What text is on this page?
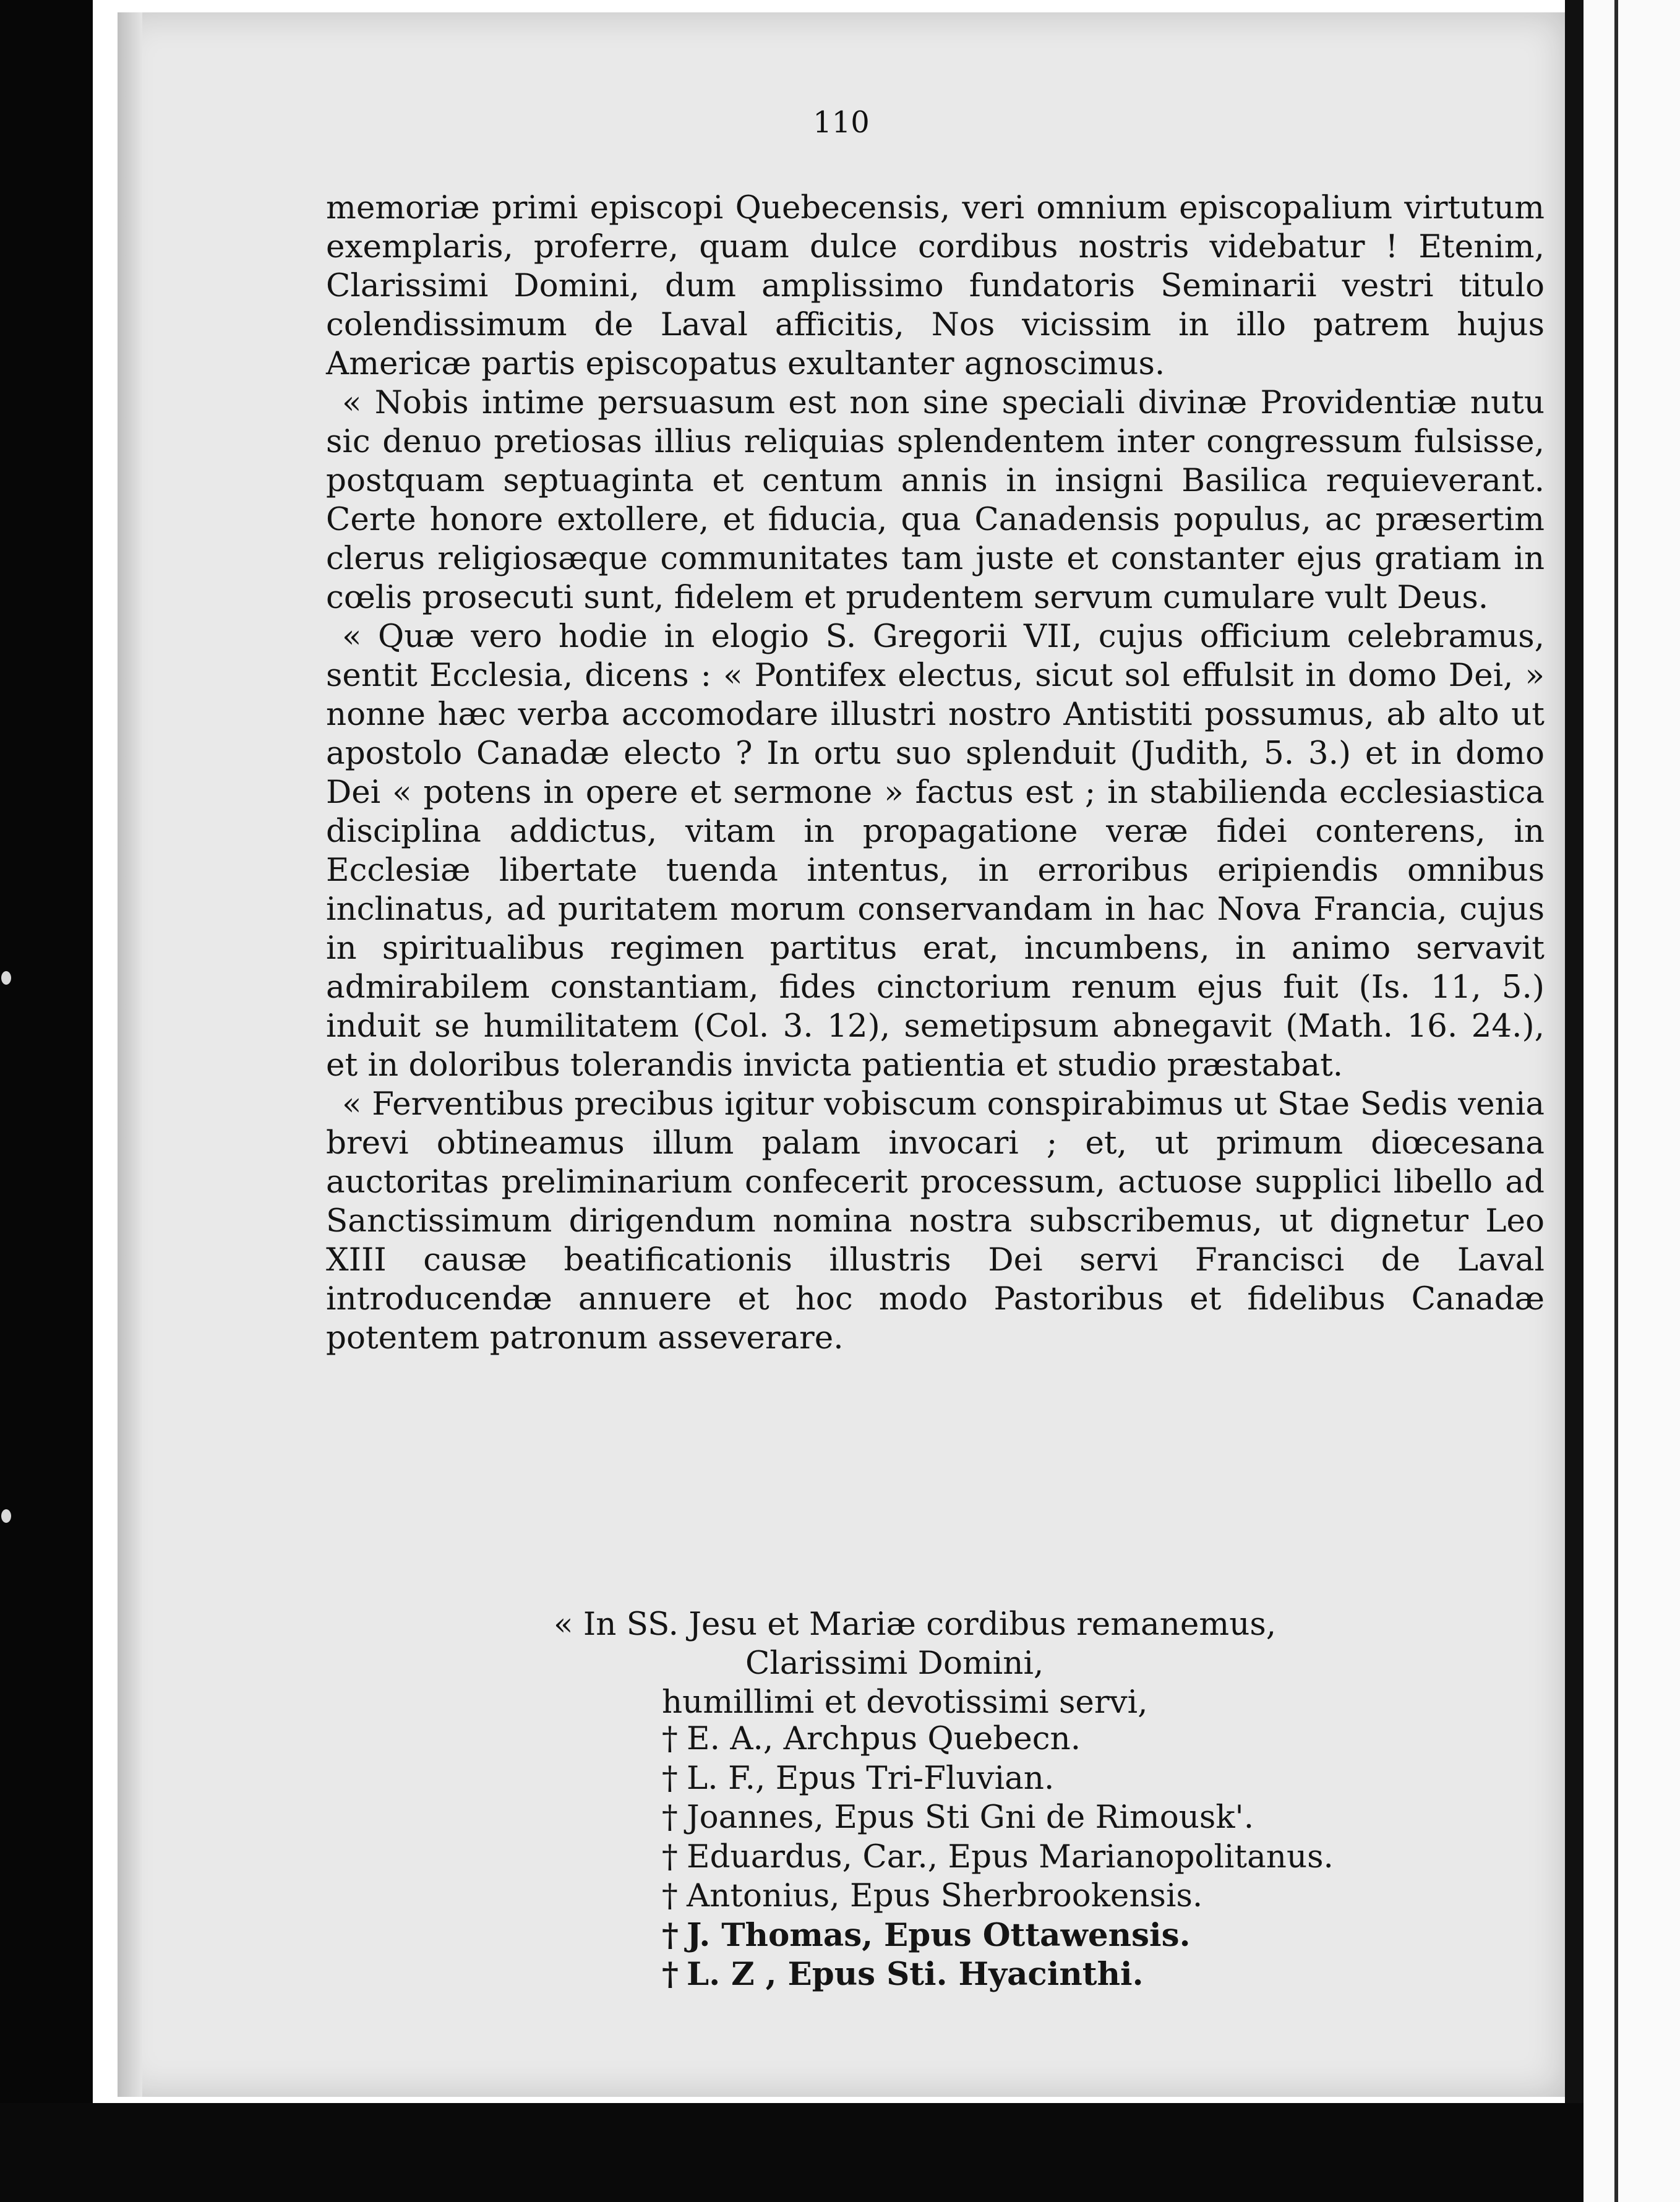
110

memoriæ primi episcopi Quebecensis, veri omnium episcopalium virtutum exemplaris, proferre, quam dulce cordibus nostris videbatur ! Etenim, Clarissimi Domini, dum amplissimo fundatoris Seminarii vestri titulo colendissimum de Laval afficitis, Nos vicissim in illo patrem hujus Americæ partis episcopatus exultanter agnoscimus.

« Nobis intime persuasum est non sine speciali divinæ Providentiæ nutu sic denuo pretiosas illius reliquias splendentem inter congressum fulsisse, postquam septuaginta et centum annis in insigni Basilica requieverant. Certe honore extollere, et fiducia, qua Canadensis populus, ac præsertim clerus religiosæque communitates tam juste et constanter ejus gratiam in cœlis prosecuti sunt, fidelem et prudentem servum cumulare vult Deus.

« Quæ vero hodie in elogio S. Gregorii VII, cujus officium celebramus, sentit Ecclesia, dicens : « Pontifex electus, sicut sol effulsit in domo Dei, » nonne hæc verba accomodare illustri nostro Antistiti possumus, ab alto ut apostolo Canadæ electo ? In ortu suo splenduit (Judith, 5. 3.) et in domo Dei « potens in opere et sermone » factus est ; in stabilienda ecclesiastica disciplina addictus, vitam in propagatione veræ fidei conterens, in Ecclesiæ libertate tuenda intentus, in erroribus eripiendis omnibus inclinatus, ad puritatem morum conservandam in hac Nova Francia, cujus in spiritualibus regimen partitus erat, incumbens, in animo servavit admirabilem constantiam, fides cinctorium renum ejus fuit (Is. 11, 5.) induit se humilitatem (Col. 3. 12), semetipsum abnegavit (Math. 16. 24.), et in doloribus tolerandis invicta patientia et studio præstabat.

« Ferventibus precibus igitur vobiscum conspirabimus ut Stae Sedis venia brevi obtineamus illum palam invocari ; et, ut primum diœcesana auctoritas preliminarium confecerit processum, actuose supplici libello ad Sanctissimum dirigendum nomina nostra subscribemus, ut dignetur Leo XIII causæ beatificationis illustris Dei servi Francisci de Laval introducendæ annuere et hoc modo Pastoribus et fidelibus Canadæ potentem patronum asseverare.

« In SS. Jesu et Mariæ cordibus remanemus,
Clarissimi Domini,
humillimi et devotissimi servi,
† E. A., Archpus Quebecn.
† L. F., Epus Tri-Fluvian.
† Joannes, Epus Sti Gni de Rimousk'.
† Eduardus, Car., Epus Marianopolitanus.
† Antonius, Epus Sherbrookensis.
† J. Thomas, Epus Ottawensis.
† L. Z , Epus Sti. Hyacinthi.
